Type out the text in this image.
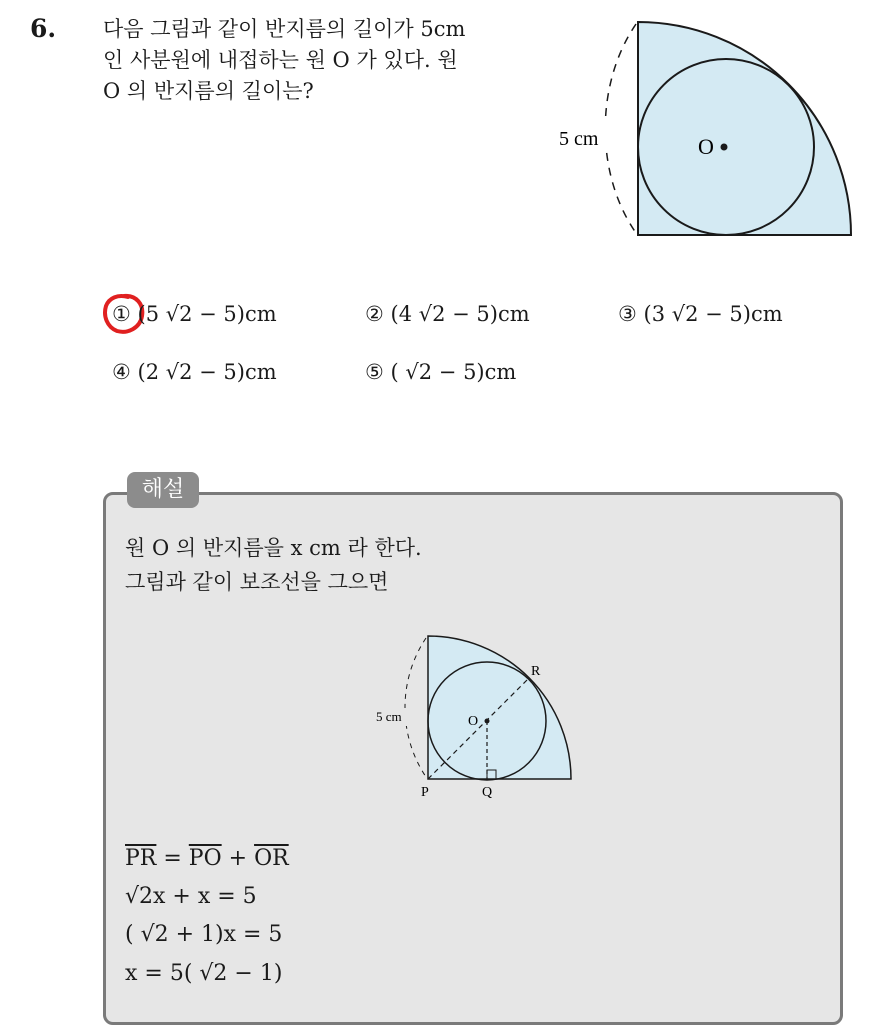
6. 다음 그림과 같이 반지름의 길이가 5cm
인 사분원에 내접하는 원 O 가 있다. 원
O 의 반지름의 길이는?
O
5 cm
① (5 √2 − 5)cm	② (4 √2 − 5)cm	③ (3 √2 − 5)cm
④ (2 √2 − 5)cm	⑤ ( √2 − 5)cm
해설
원 O 의 반지름을 x cm 라 한다.
그림과 같이 보조선을 그으면
5 cm	O
R
P	Q
$\overline{PR} = \overline{PO} + \overline{OR}$
√2x + x = 5
( √2 + 1)x = 5
x = 5( √2 − 1)
